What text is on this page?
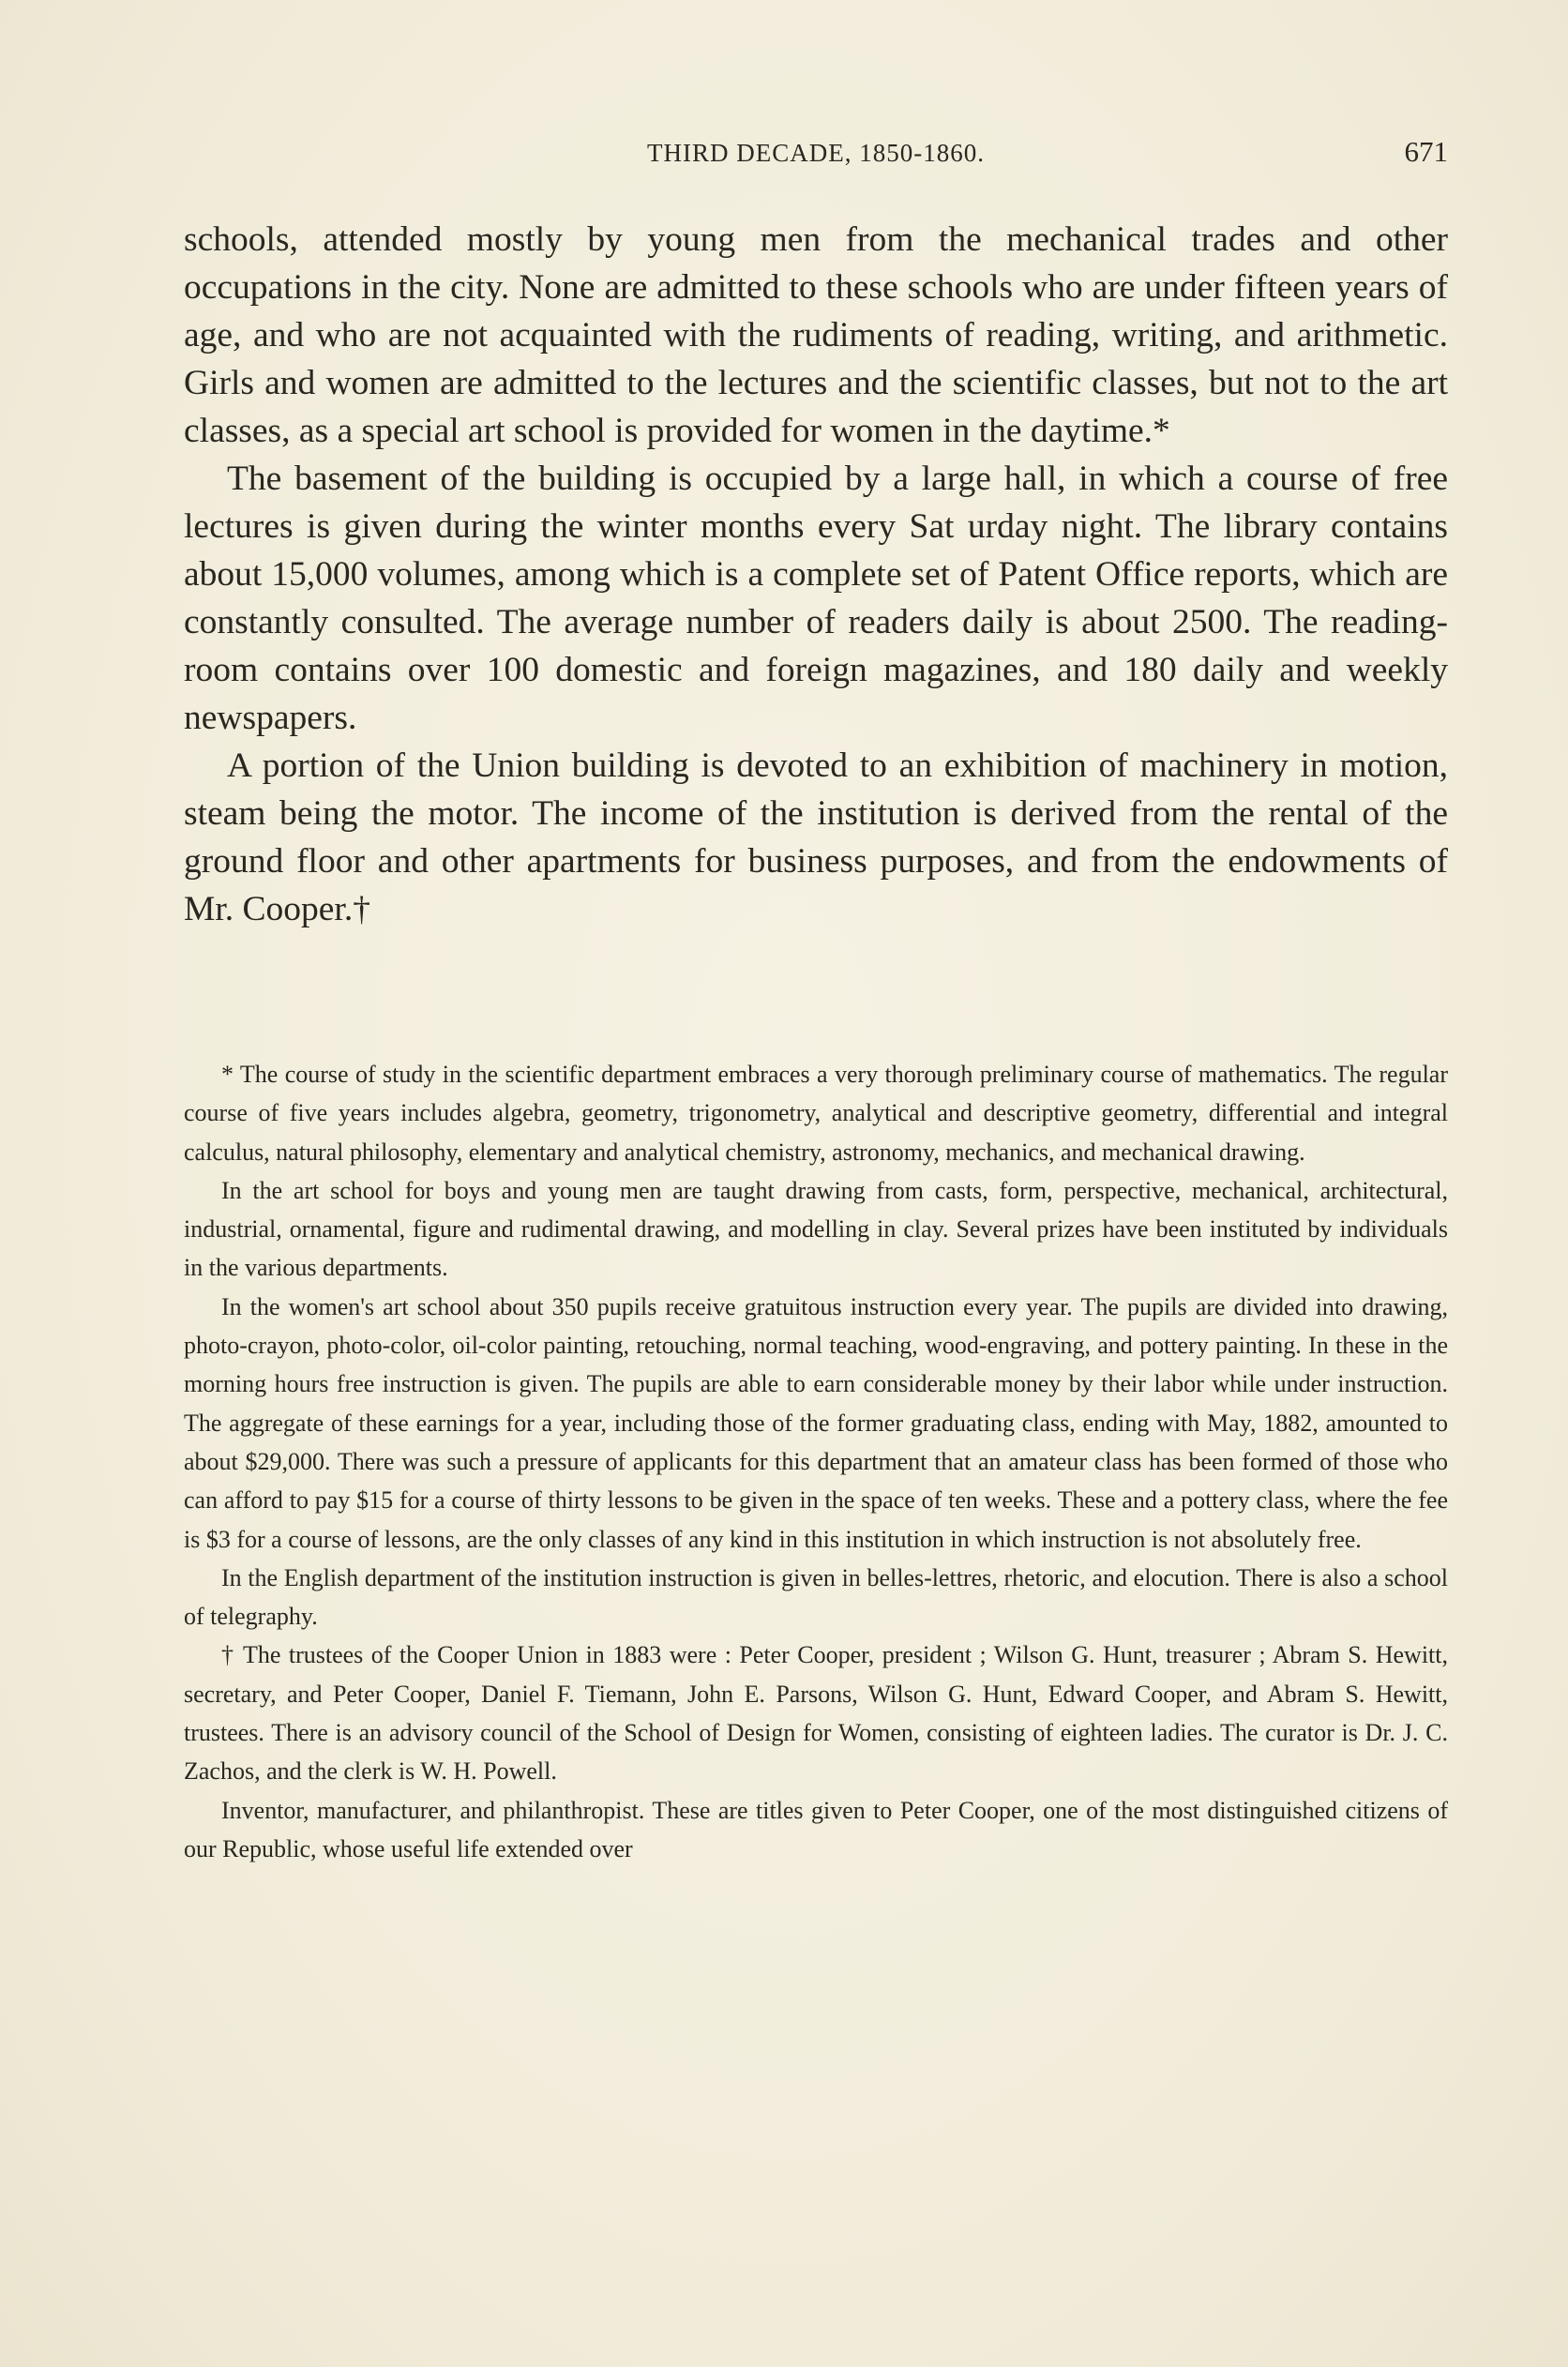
THIRD DECADE, 1850-1860.	671

schools, attended mostly by young men from the mechanical trades and other occupations in the city. None are admitted to these schools who are under fifteen years of age, and who are not acquainted with the rudiments of reading, writing, and arithmetic. Girls and women are admitted to the lectures and the scientific classes, but not to the art classes, as a special art school is provided for women in the daytime.*

The basement of the building is occupied by a large hall, in which a course of free lectures is given during the winter months every Sat urday night. The library contains about 15,000 volumes, among which is a complete set of Patent Office reports, which are constantly consulted. The average number of readers daily is about 2500. The reading-room contains over 100 domestic and foreign magazines, and 180 daily and weekly newspapers.

A portion of the Union building is devoted to an exhibition of machinery in motion, steam being the motor. The income of the institution is derived from the rental of the ground floor and other apartments for business purposes, and from the endowments of Mr. Cooper.†

* The course of study in the scientific department embraces a very thorough preliminary course of mathematics. The regular course of five years includes algebra, geometry, trigonometry, analytical and descriptive geometry, differential and integral calculus, natural philosophy, elementary and analytical chemistry, astronomy, mechanics, and mechanical drawing.

In the art school for boys and young men are taught drawing from casts, form, perspective, mechanical, architectural, industrial, ornamental, figure and rudimental drawing, and modelling in clay. Several prizes have been instituted by individuals in the various departments.

In the women's art school about 350 pupils receive gratuitous instruction every year. The pupils are divided into drawing, photo-crayon, photo-color, oil-color painting, retouching, normal teaching, wood-engraving, and pottery painting. In these in the morning hours free instruction is given. The pupils are able to earn considerable money by their labor while under instruction. The aggregate of these earnings for a year, including those of the former graduating class, ending with May, 1882, amounted to about $29,000. There was such a pressure of applicants for this department that an amateur class has been formed of those who can afford to pay $15 for a course of thirty lessons to be given in the space of ten weeks. These and a pottery class, where the fee is $3 for a course of lessons, are the only classes of any kind in this institution in which instruction is not absolutely free.

In the English department of the institution instruction is given in belles-lettres, rhetoric, and elocution. There is also a school of telegraphy.

† The trustees of the Cooper Union in 1883 were : Peter Cooper, president ; Wilson G. Hunt, treasurer ; Abram S. Hewitt, secretary, and Peter Cooper, Daniel F. Tiemann, John E. Parsons, Wilson G. Hunt, Edward Cooper, and Abram S. Hewitt, trustees. There is an advisory council of the School of Design for Women, consisting of eighteen ladies. The curator is Dr. J. C. Zachos, and the clerk is W. H. Powell.

Inventor, manufacturer, and philanthropist. These are titles given to Peter Cooper, one of the most distinguished citizens of our Republic, whose useful life extended over
